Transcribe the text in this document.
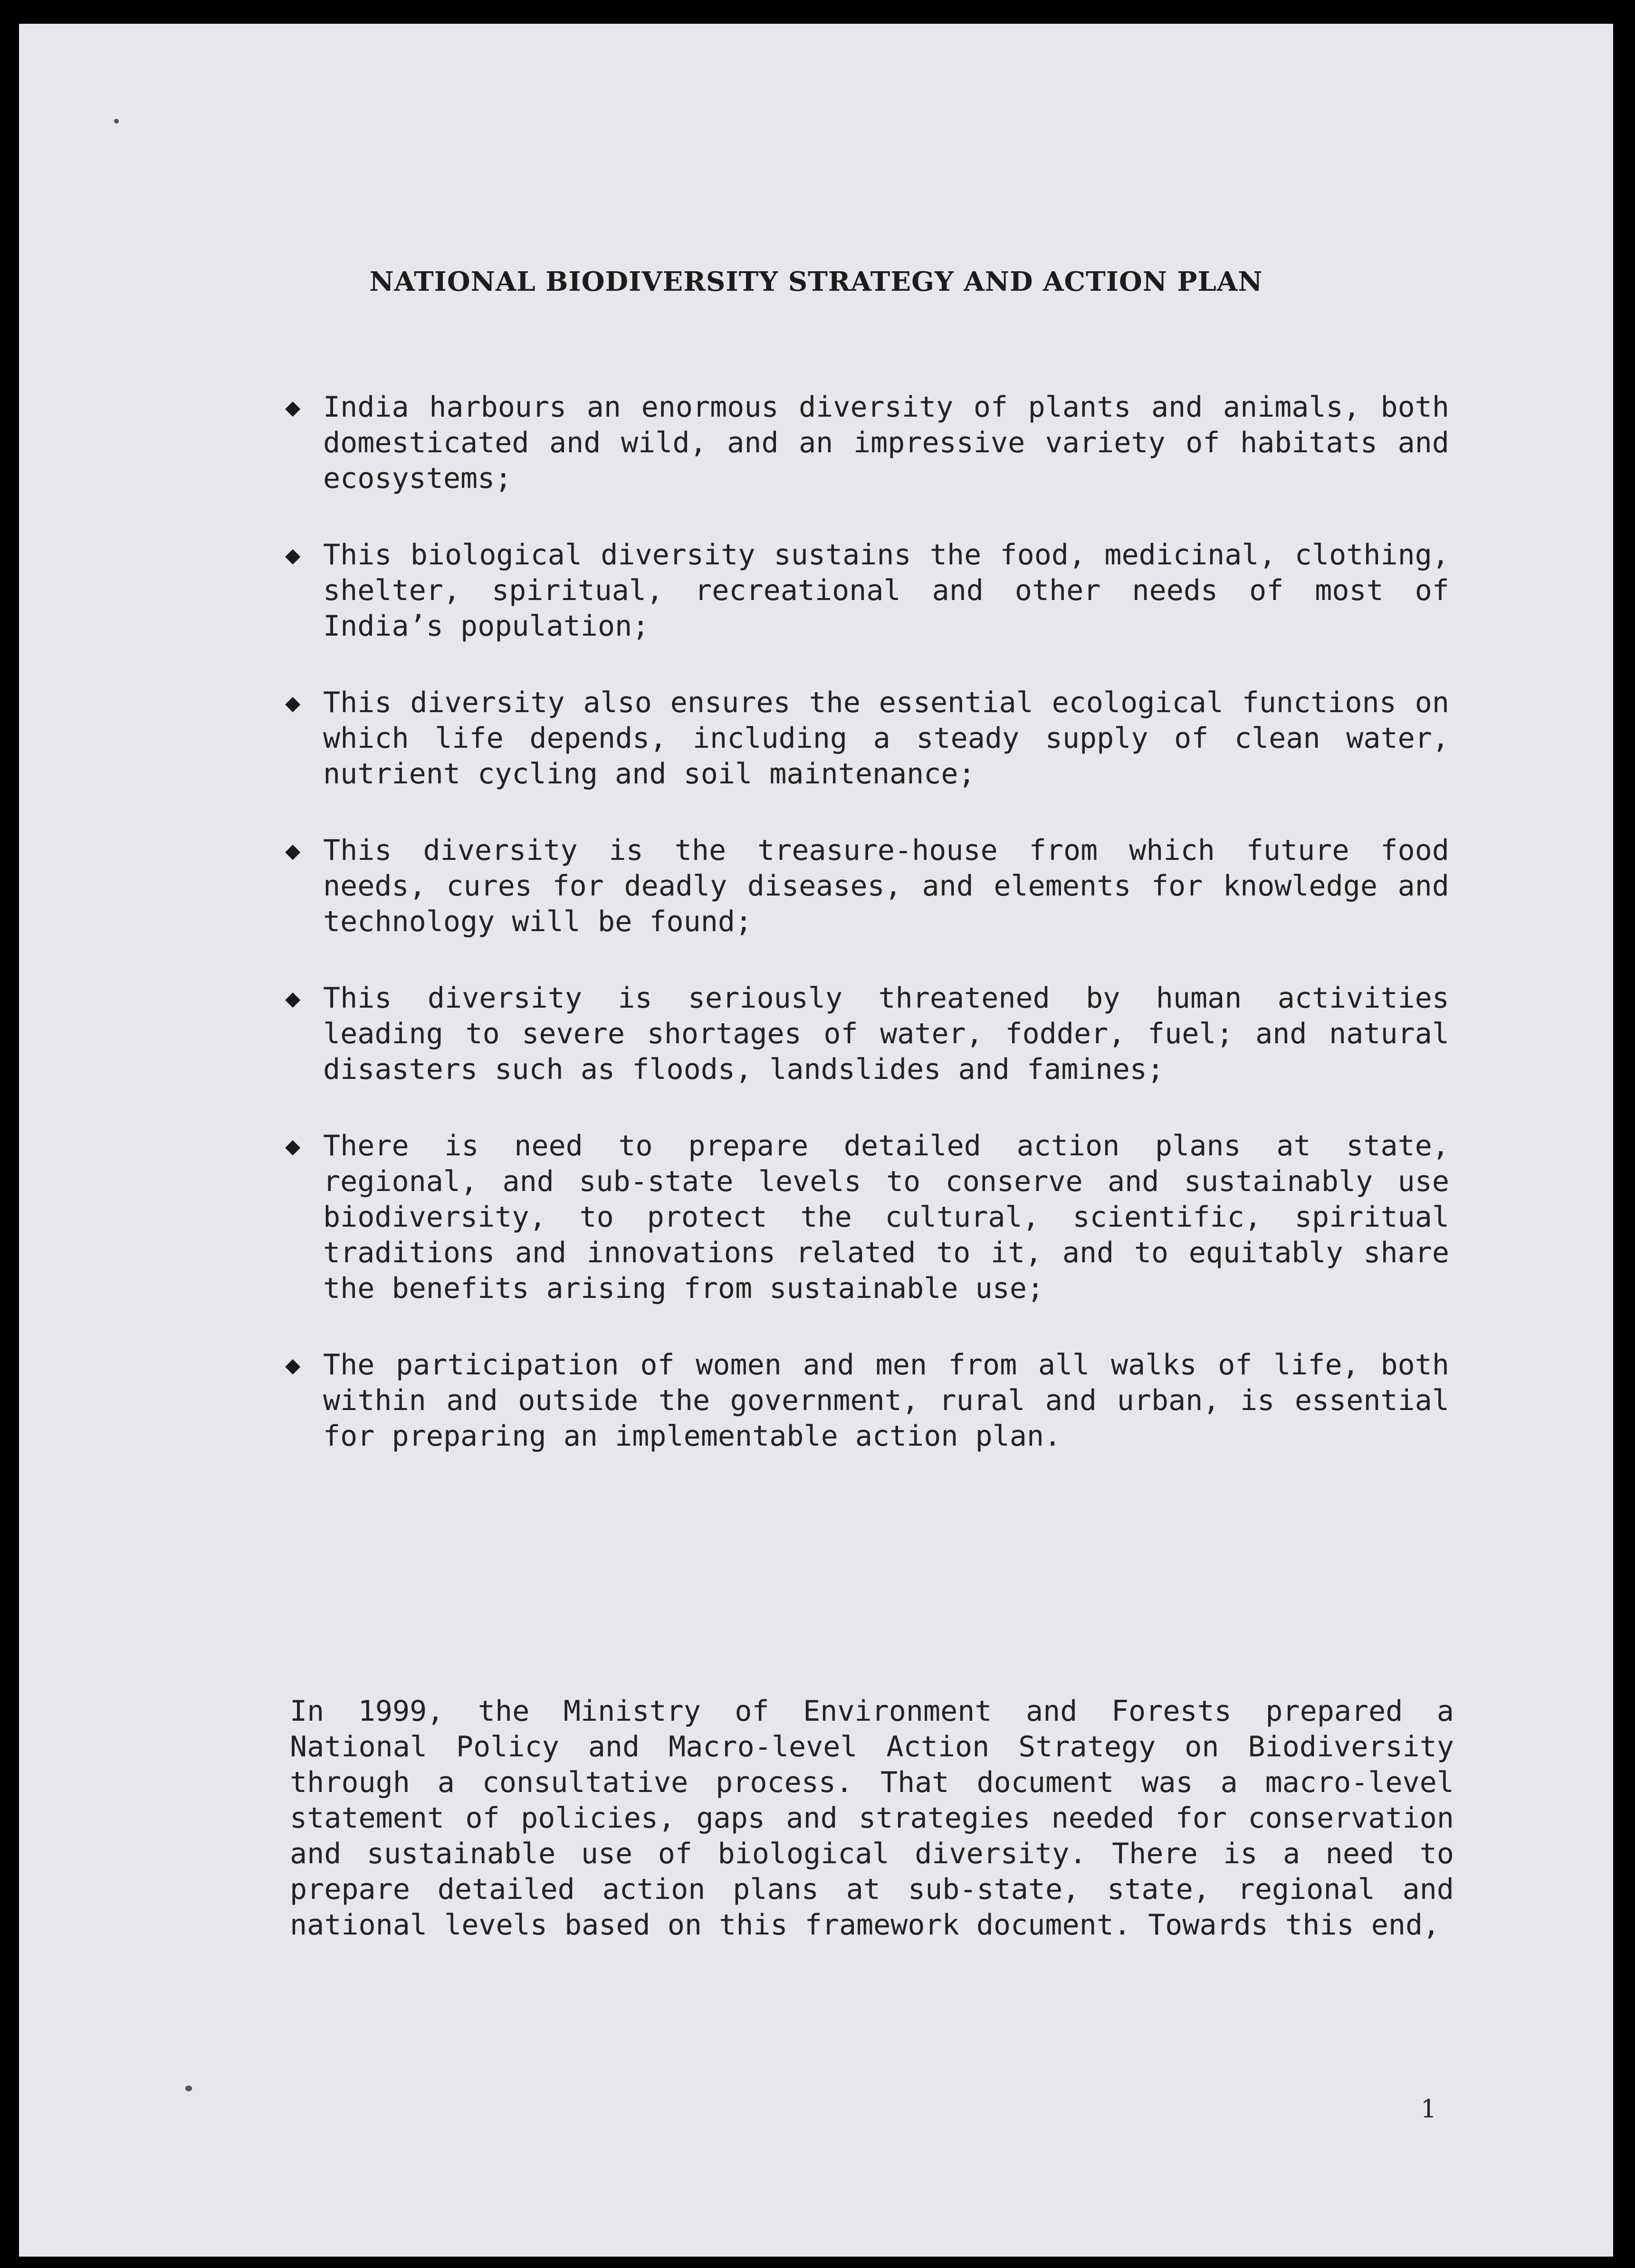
NATIONAL BIODIVERSITY STRATEGY AND ACTION PLAN
◆ India harbours an enormous diversity of plants and animals, both domesticated and wild, and an impressive variety of habitats and ecosystems;
◆ This biological diversity sustains the food, medicinal, clothing, shelter, spiritual, recreational and other needs of most of India’s population;
◆ This diversity also ensures the essential ecological functions on which life depends, including a steady supply of clean water, nutrient cycling and soil maintenance;
◆ This diversity is the treasure-house from which future food needs, cures for deadly diseases, and elements for knowledge and technology will be found;
◆ This diversity is seriously threatened by human activities leading to severe shortages of water, fodder, fuel; and natural disasters such as floods, landslides and famines;
◆ There is need to prepare detailed action plans at state, regional, and sub-state levels to conserve and sustainably use biodiversity, to protect the cultural, scientific, spiritual traditions and innovations related to it, and to equitably share the benefits arising from sustainable use;
◆ The participation of women and men from all walks of life, both within and outside the government, rural and urban, is essential for preparing an implementable action plan.

In 1999, the Ministry of Environment and Forests prepared a National Policy and Macro-level Action Strategy on Biodiversity through a consultative process. That document was a macro-level statement of policies, gaps and strategies needed for conservation and sustainable use of biological diversity. There is a need to prepare detailed action plans at sub-state, state, regional and national levels based on this framework document. Towards this end,

1
